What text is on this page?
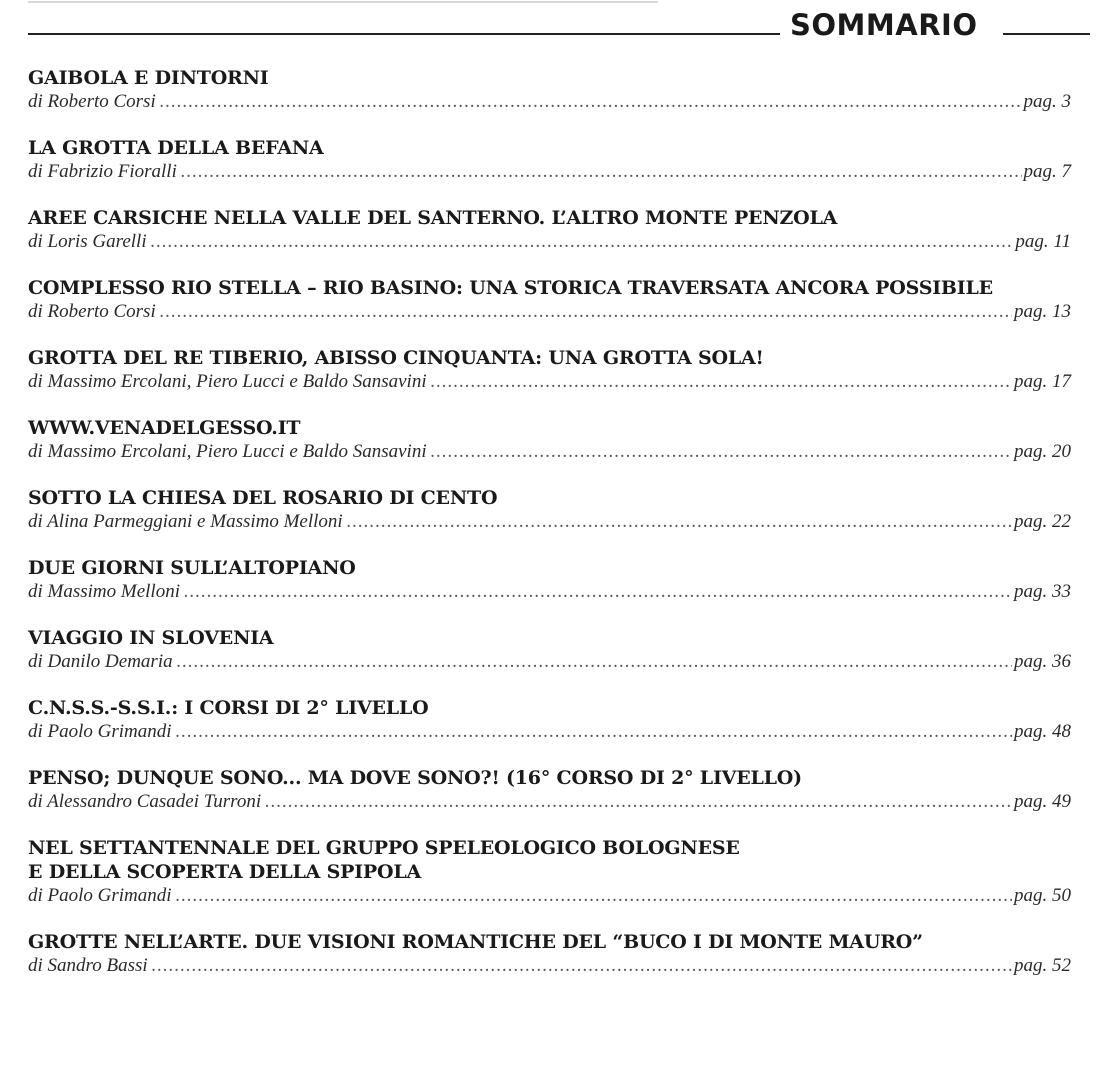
SOMMARIO
GAIBOLA E DINTORNI
di Roberto Corsi .....	pag. 3
LA GROTTA DELLA BEFANA
di Fabrizio Fioralli .....	pag. 7
AREE CARSICHE NELLA VALLE DEL SANTERNO. L’ALTRO MONTE PENZOLA
di Loris Garelli .....	pag. 11
COMPLESSO RIO STELLA – RIO BASINO: UNA STORICA TRAVERSATA ANCORA POSSIBILE
di Roberto Corsi .....	pag. 13
GROTTA DEL RE TIBERIO, ABISSO CINQUANTA: UNA GROTTA SOLA!
di Massimo Ercolani, Piero Lucci e Baldo Sansavini .....	pag. 17
WWW.VENADELGESSO.IT
di Massimo Ercolani, Piero Lucci e Baldo Sansavini .....	pag. 20
SOTTO LA CHIESA DEL ROSARIO DI CENTO
di Alina Parmeggiani e Massimo Melloni .....	pag. 22
DUE GIORNI SULL’ALTOPIANO
di Massimo Melloni .....	pag. 33
VIAGGIO IN SLOVENIA
di Danilo Demaria .....	pag. 36
C.N.S.S.-S.S.I.: I CORSI DI 2° LIVELLO
di Paolo Grimandi .....	pag. 48
PENSO; DUNQUE SONO... MA DOVE SONO?! (16° CORSO DI 2° LIVELLO)
di Alessandro Casadei Turroni .....	pag. 49
NEL SETTANTENNALE DEL GRUPPO SPELEOLOGICO BOLOGNESE
E DELLA SCOPERTA DELLA SPIPOLA
di Paolo Grimandi .....	pag. 50
GROTTE NELL’ARTE. DUE VISIONI ROMANTICHE DEL “BUCO I DI MONTE MAURO”
di Sandro Bassi .....	pag. 52
